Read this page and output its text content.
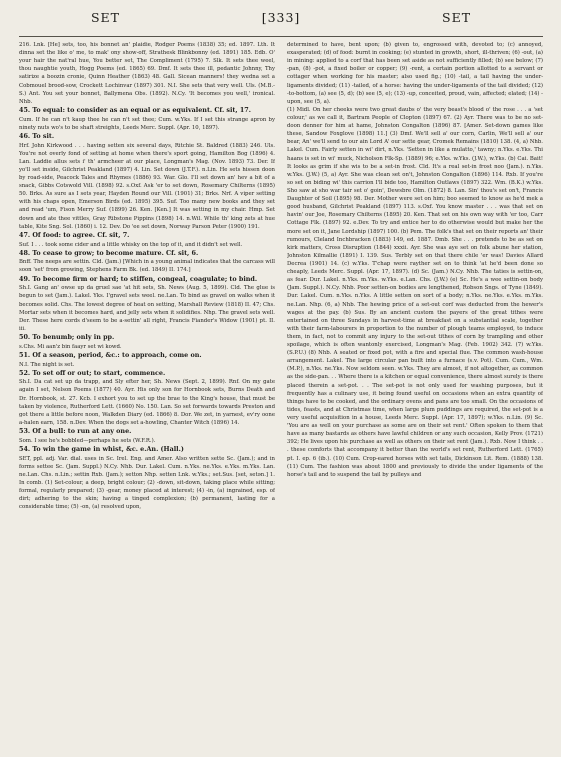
SET	[333]	SET

216. Lnk. [He] sets, too, his bonnet an' plaidie, Rodger Poems (1838) 35; ed. 1897. Lth. It dinna set the like o' me, to mak' ony show-off, Strathesk Blinkbonny (ed. 1891) 185. Edb. O' your hair the nat'ral hue, You better set, The Compliment (1795) 7. Slk. It sets thee weel, thou naughtie youth, Hogg Poems (ed. 1865) 69. Dmf. It sets thee ill, pedantic Johnny, Thy satirize a boozin cronie, Quinn Heather (1863) 48. Gall. Sicean manners! they wedna set a Cobmouel brood-sow, Crockett Lochinvar (1897) 301. N.I. She sets that very well. Uls. (M.B.-S.) Ant. You set your bonnet, Ballymena Obs. (1892). N.Cy. 'It becomes you well,' ironical. Nhb.

45. To equal: to consider as an equal or as equivalent. Cf. sit, 17.

Cum. If he can n't kaup thee he can n't set thee; Cum. w.Yks. If I set this strange apron by ninety nuts wo's to be shaft streights, Leeds Merc. Suppl. (Apr. 10, 1897).

46. To sit.

Hrf. John Kirkwood . . . having setten six several days, Ritchie St. Baldred (1883) 246. Uls. You're not overly fond of setting at home when there's sport going, Hamilton Bog (1896) 4. Lan. Laddie allus sets i' th' armcheer at our place, Longman's Mag. (Nov. 1893) 73. Der. If yo'll set inside, Gilchrist Peakland (1897) 4. Lin. Set down (J.T.F.). n.Lin. He sets hissen doon by road-side, Peacock Tales and Rhymes (1886) 93. War. Glo. I'll set down an' hev a bit of a snack, Gibbs Cotswold Vill. (1898) 92. s.Oxf. Ask 'er to set down, Rosemary Chilterns (1895) 50. Brks. As sure as I sets year, Hayden Round our Vill. (1901) 31; Brks. Nrf. A viper setting with his chaps open, Emerson Birds (ed. 1895) 395. Suf. Too many new books and they set and read 'um, Fison Merry Suf. (1899) 26. Ken. [Ken.] It was setting in my chair. Hmp. Set down and ate thee vittles, Gray Ribstone Pippins (1898) 14. n.Wil. While th' king zets at hue table, Kite Sng. Sol. (1860) i. 12. Dev. Do 'ee set down, Norway Parson Peter (1900) 191.

47. Of food: to agree. Cf. sit, 7.

Suf. I . . . took some cider and a little whisky on the top of it, and it didn't set well.

48. To cease to grow; to become mature. Cf. sit, 6.

Bnff. The neeps are settin. Cld. (Jam.) [Which in a young animal indicates that the carcass will soon 'set' from growing, Stephens Farm Bk. (ed. 1849) II. 174.]

49. To become firm or hard; to stiffen, congeal, coagulate; to bind.

Sh.I. Gang an' owse up da gruel sae 'at hit sets, Sh. News (Aug. 5, 1899). Cld. The glue is begun to set (Jam.). Lakel. Yks. I'gravel sets weel. ne.Lan. To bind as gravel on walks when it becomes solid. Chs. The lowest degree of heat on setting, Marshall Review (1818) II. 47; Chs. Mortar sets when it becomes hard, and jelly sets when it solidifies. Nhp. The gravel sets well. Der. These here cords d'seem to be a-settin' all right, Francis Fiander's Widow (1901) pt. II. iii.

50. To benumb; only in pp.

s.Chs. Mi aan'z bin faayr set wi kowd.

51. Of a season, period, &c.: to approach, come on.

N.I. The night is set.

52. To set off or out; to start, commence.

Sh.I. Da cat set up da trapp, and Sly efter her, Sh. News (Sept. 2, 1899). Rnf. On my gate again I set, Nelson Poems (1877) 40. Ayr. His only son for Hornbook sets, Burns Death and Dr. Hornbook, st. 27. Kcb. I exhort you to set up the brae to the King's house, that must be taken by violence, Rutherford Lett. (1660) No. 150. Lan. So set forwards towards Preston and got there a little before noon, Walkden Diary (ed. 1866) 8. Dor. We zet, in yarnest, ev'ry oone a-halen earn, 158. n.Dev. When the dogs set a-howling, Chanter Witch (1896) 14.

53. Of a bull: to run at any one.

Som. I see he's bobbled—perhaps he sets (W.F.R.).

54. To win the game in whist, &c. e.An. (Hall.)

SET, ppl. adj. Var. dial. uses in Sc. Irel. Eng. and Amer. Also written sette Sc. (Jam.); and in forms settee Sc. (Jam. Suppl.) N.Cy. Nhb. Dur. Lakel. Cum. n.Yks. ne.Yks. e.Yks. m.Yks. Lan. ne.Lan. Chs. n.Lin.; settin Rxb. (Jam.); setton Nhp. setten Lnk. w.Yks.; set.Sus. [set, setən.] 1. In comb. (1) Set-colour, a deep, bright colour; (2) -down, sit-down, taking place while sitting; formal, regularly prepared; (3) -gear, money placed at interest; (4) -in, (a) ingrained, esp. of dirt; adhering to the skin; having a tinged complexion; (b) permanent, lasting for a considerable time; (5) -on, (a) resolved upon,

determined to have, bent upon; (b) given to, engrossed with, devoted to; (c) annoyed, exasperated; (d) of food: burnt in cooking; (e) stunted in growth, short, ill-thriven; (6) -out, (a) in mining: applied to a corf that has been set aside as not sufficiently filled; (b) see below; (7) -pan, (8) -pot, a fixed boiler or copper; (9) -rent, a certain portion allotted to a servant or cottager when working for his master; also used fig.; (10) -tail, a tail having the under-ligaments divided; (11) -tailed, of a horse: having the under-ligaments of the tail divided; (12) -to-bottom, (a) see (5, d); (b) see (5, e); (13) -up, conceited, proud, vain, affected; elated; (14) -upon, see (5, a).

(1) Midl. On her cheeks were two great daubs o' the very beast's blood o' the rose . . . a 'set colour,' as we call it, Bartram People of Clopton (1897) 67. (2) Ayr. There was to be no set-doon denner for him at hame, Johnston Congalton (1896) 87. [Amer. Set-down games like these, Sandow Foxglove (1898) 11.] (3) Dmf. We'll sell a' our corn, Carlin, We'll sell a' our bear, An' we'll send to our ain Lord A' our sette gear, Cromek Remains (1810) 138. (4, a) Nhb. Lakel. Cum. Fairly setten in wi' dirt, n.Yks. 'Setten in like a mulatto,' tawny; n.Yks. e.Yks. Thi haans is set in wi' muck, Nicholson Flk-Sp. (1889) 96; e.Yks. w.Yks. (J.W.), w.Yks. (b) Cai. Bait! It looks as grim if she wis to be a set-in frost. Cld. It's a real set-in frost noo (Jam.). n.Yks. w.Yks. (J.W.) (5, a) Ayr. She was clean set on't, Johnston Congalton (1896) 114. Rxb. If you're so set on biding wi' this carrion I'll bide too, Hamilton Outlaws (1897) 322. Wm. (B.K.) w.Yks. Sho saw at sho war tair set o' goin', Dewsbre Olm. (1872) 8. Lan. Sin' thou's set on't, Francis Daughter of Soil (1895) 98. Der. Mother were set on him; boo seemed to know as he'd mek a good husband, Gilchrist Peakland (1897) 113. s.Oxf. You know master . . . was that set on havin' our Joe, Rosemary Chilterns (1895) 20. Ken. That set on his own way with 'er too, Carr Cottage Flk. (1897) 92. e.Dev. To try and entice her to do otherwise would but make her the more set on it, Jane Lordship (1897) 100. (b) Pem. The folk's that set on their reports an' their rumours, Cleland Inchbracken (1883) 149, ed. 1887. Dmb. She . . . pretends to be as set on kirk matters, Cross Disruption (1844) xxxii. Ayr. She was aye set on folk abune her station, Johnston Kilmallie (1891) I. 139. Sus. Terbly set on that there chile 'er was! Davies Allard Decrea (1901) 14. (c) w.Yks. T'chap were rayther set on to think 'at he'd been done so cheaply, Leeds Merc. Suppl. (Apr. 17, 1897). (d) Sc. (Jam.) N.Cy. Nhb. The taties is settin-on, as fear. Dur. Lakel. n.Yks. m.Yks. w.Yks. e.Lan. Chs. (J.W.) (e) Sc. He's a wee settin-on body (Jam. Suppl.). N.Cy. Nhb. Poor setten-on bodies are lengthened, Robson Sngs. of Tyne (1849). Dur. Lakel. Cum. n.Yks. n.Yks. A little setten on sort of a body; n.Yks. ne.Yks. e.Yks. m.Yks. ne.Lan. Nhp. (6, a) Nhb. The hewing price of a set-out corf was deducted from the hewer's wages at the pay. (b) Sus. By an ancient custom the payers of the great tithes were entertained on three Sundays in harvest-time at breakfast on a substantial scale, together with their farm-labourers in proportion to the number of plough teams employed, to induce them, in fact, not to commit any injury to the set-out tithes of corn by trampling and other spoilage, which is often wantonly exercised, Longman's Mag. (Feb. 1902) 342. (7) w.Yks. (S.P.U.) (8) Nhb. A seated or fixed pot, with a fire and special flue. The common wash-house arrangement. Lakel. The large circular pan built into a furnace (s.v. Pot). Cum. Cum., Wm. (M.P.), n.Yks. ne.Yks. Now seldom seen. w.Yks. They are almost, if not altogether, as common as the side-pan. . . Where there is a kitchen or equal convenience, there almost surely is there placed therein a set-pot. . . The set-pot is not only used for washing purposes, but it frequently has a culinary use, it being found useful on occasions when an extra quantity of things have to be cooked, and the ordinary ovens and pans are too small. On the occasions of tides, feasts, and at Christmas time, when large plum puddings are required, the set-pot is a very useful acquisition in a house, Leeds Merc. Suppl. (Apr. 17, 1897); w.Yks. n.Lin. (9) Sc. 'You are as well on your purchase as some are on their set rent.' Often spoken to them that have as many bastards as others have lawful children or any such occasion, Kelly Prov. (1721) 392; He lives upon his purchase as well as others on their set rent (Jam.). Rxb. Now I think . . . these comforts that accompany it better than the world's set rent, Rutherford Lett. (1765) pt. I. ep. 6 (ib.). (10) Cum. Crop-eared horses with set tails, Dickinson Lit. Rem. (1888) 138. (11) Cum. The fashion was about 1800 and previously to divide the under ligaments of the horse's tail and to suspend the tail by pulleys and
